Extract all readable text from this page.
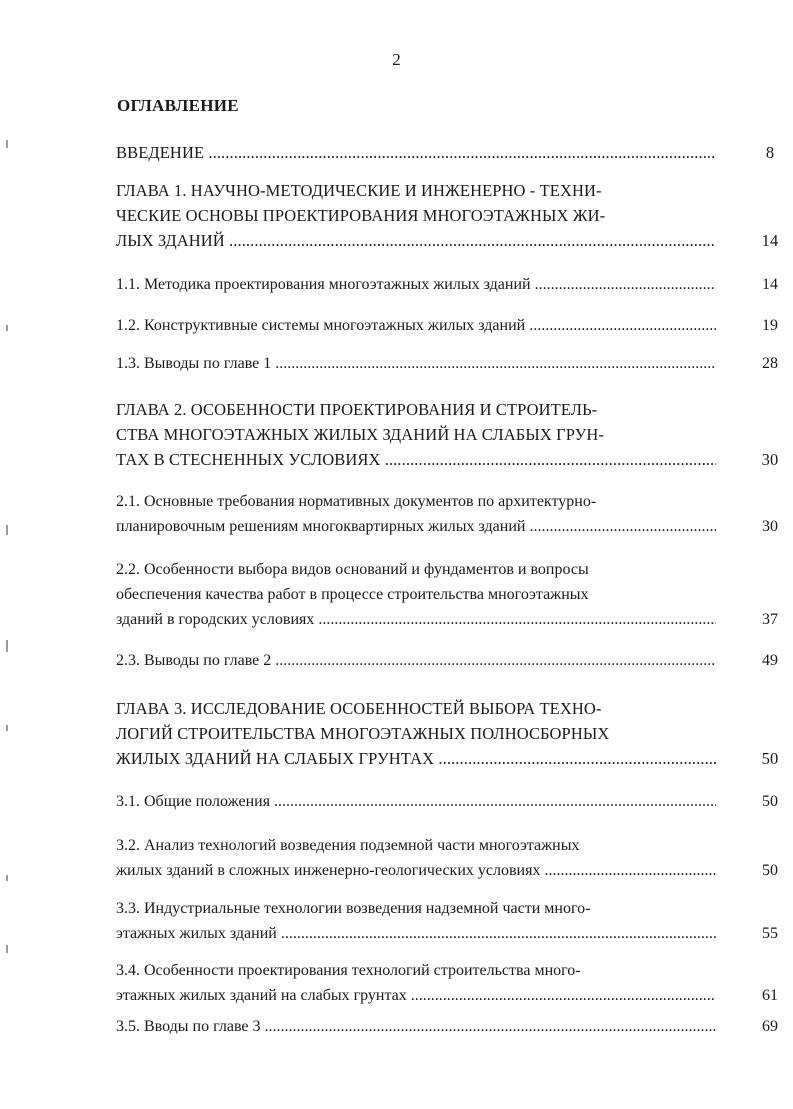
2
ОГЛАВЛЕНИЕ
ВВЕДЕНИЕ .....	8
ГЛАВА 1. НАУЧНО-МЕТОДИЧЕСКИЕ И ИНЖЕНЕРНО - ТЕХНИ-
ЧЕСКИЕ ОСНОВЫ ПРОЕКТИРОВАНИЯ МНОГОЭТАЖНЫХ ЖИ-
ЛЫХ ЗДАНИЙ .....	14
1.1. Методика проектирования многоэтажных жилых зданий .....	14
1.2. Конструктивные системы многоэтажных жилых зданий .....	19
1.3. Выводы по главе 1 .....	28
ГЛАВА 2. ОСОБЕННОСТИ ПРОЕКТИРОВАНИЯ И СТРОИТЕЛЬ-
СТВА МНОГОЭТАЖНЫХ ЖИЛЫХ ЗДАНИЙ НА СЛАБЫХ ГРУН-
ТАХ В СТЕСНЕННЫХ УСЛОВИЯХ .....	30
2.1. Основные требования нормативных документов по архитектурно-
планировочным решениям многоквартирных жилых зданий .....	30
2.2. Особенности выбора видов оснований и фундаментов и вопросы
обеспечения качества работ в процессе строительства многоэтажных
зданий в городских условиях .....	37
2.3. Выводы по главе 2 .....	49
ГЛАВА 3. ИССЛЕДОВАНИЕ ОСОБЕННОСТЕЙ ВЫБОРА ТЕХНО-
ЛОГИЙ СТРОИТЕЛЬСТВА МНОГОЭТАЖНЫХ ПОЛНОСБОРНЫХ
ЖИЛЫХ ЗДАНИЙ НА СЛАБЫХ ГРУНТАХ .....	50
3.1. Общие положения .....	50
3.2. Анализ технологий возведения подземной части многоэтажных
жилых зданий в сложных инженерно-геологических условиях .....	50
3.3. Индустриальные технологии возведения надземной части много-
этажных жилых зданий .....	55
3.4. Особенности проектирования технологий строительства много-
этажных жилых зданий на слабых грунтах .....	61
3.5. Вводы по главе 3 .....	69
